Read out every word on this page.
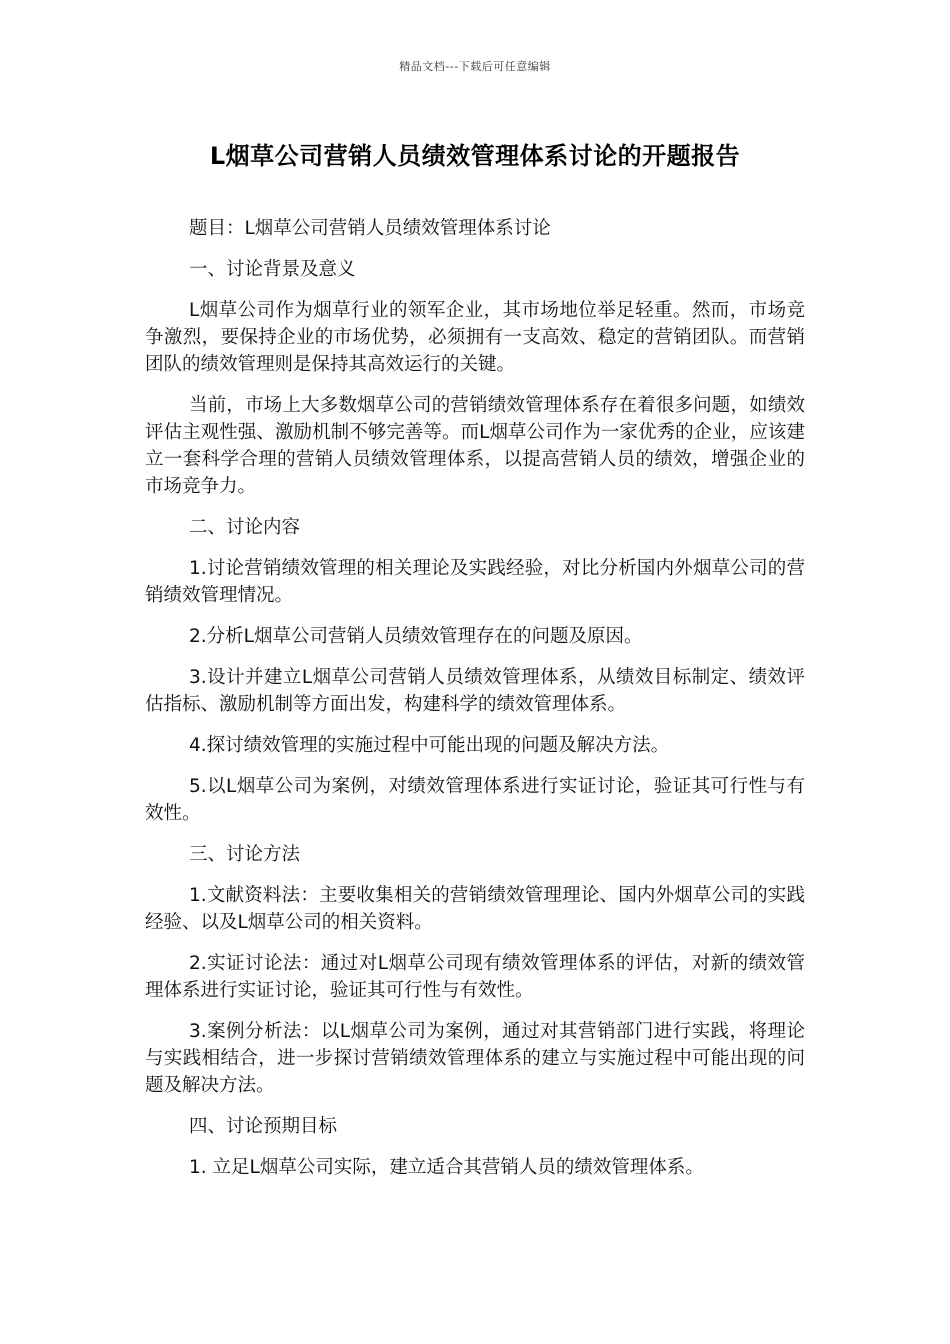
精品文档---下载后可任意编辑
L烟草公司营销人员绩效管理体系讨论的开题报告

题目：L烟草公司营销人员绩效管理体系讨论

一、讨论背景及意义

L烟草公司作为烟草行业的领军企业，其市场地位举足轻重。然而，市场竞争激烈，要保持企业的市场优势，必须拥有一支高效、稳定的营销团队。而营销团队的绩效管理则是保持其高效运行的关键。

当前，市场上大多数烟草公司的营销绩效管理体系存在着很多问题，如绩效评估主观性强、激励机制不够完善等。而L烟草公司作为一家优秀的企业，应该建立一套科学合理的营销人员绩效管理体系，以提高营销人员的绩效，增强企业的市场竞争力。

二、讨论内容

1.讨论营销绩效管理的相关理论及实践经验，对比分析国内外烟草公司的营销绩效管理情况。

2.分析L烟草公司营销人员绩效管理存在的问题及原因。

3.设计并建立L烟草公司营销人员绩效管理体系，从绩效目标制定、绩效评估指标、激励机制等方面出发，构建科学的绩效管理体系。

4.探讨绩效管理的实施过程中可能出现的问题及解决方法。

5.以L烟草公司为案例，对绩效管理体系进行实证讨论，验证其可行性与有效性。

三、讨论方法

1.文献资料法：主要收集相关的营销绩效管理理论、国内外烟草公司的实践经验、以及L烟草公司的相关资料。

2.实证讨论法：通过对L烟草公司现有绩效管理体系的评估，对新的绩效管理体系进行实证讨论，验证其可行性与有效性。

3.案例分析法：以L烟草公司为案例，通过对其营销部门进行实践，将理论与实践相结合，进一步探讨营销绩效管理体系的建立与实施过程中可能出现的问题及解决方法。

四、讨论预期目标

1. 立足L烟草公司实际，建立适合其营销人员的绩效管理体系。
